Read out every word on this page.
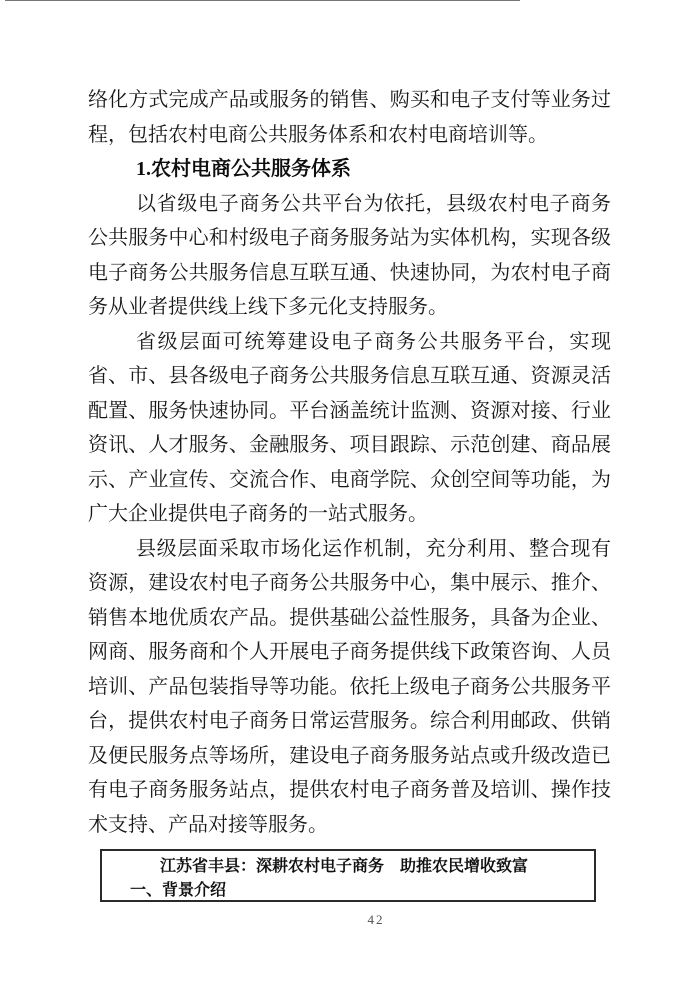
络化方式完成产品或服务的销售、购买和电子支付等业务过程，包括农村电商公共服务体系和农村电商培训等。

1.农村电商公共服务体系

以省级电子商务公共平台为依托，县级农村电子商务公共服务中心和村级电子商务服务站为实体机构，实现各级电子商务公共服务信息互联互通、快速协同，为农村电子商务从业者提供线上线下多元化支持服务。

省级层面可统筹建设电子商务公共服务平台，实现省、市、县各级电子商务公共服务信息互联互通、资源灵活配置、服务快速协同。平台涵盖统计监测、资源对接、行业资讯、人才服务、金融服务、项目跟踪、示范创建、商品展示、产业宣传、交流合作、电商学院、众创空间等功能，为广大企业提供电子商务的一站式服务。

县级层面采取市场化运作机制，充分利用、整合现有资源，建设农村电子商务公共服务中心，集中展示、推介、销售本地优质农产品。提供基础公益性服务，具备为企业、网商、服务商和个人开展电子商务提供线下政策咨询、人员培训、产品包装指导等功能。依托上级电子商务公共服务平台，提供农村电子商务日常运营服务。综合利用邮政、供销及便民服务点等场所，建设电子商务服务站点或升级改造已有电子商务服务站点，提供农村电子商务普及培训、操作技术支持、产品对接等服务。

江苏省丰县：深耕农村电子商务　助推农民增收致富
一、背景介绍
42
